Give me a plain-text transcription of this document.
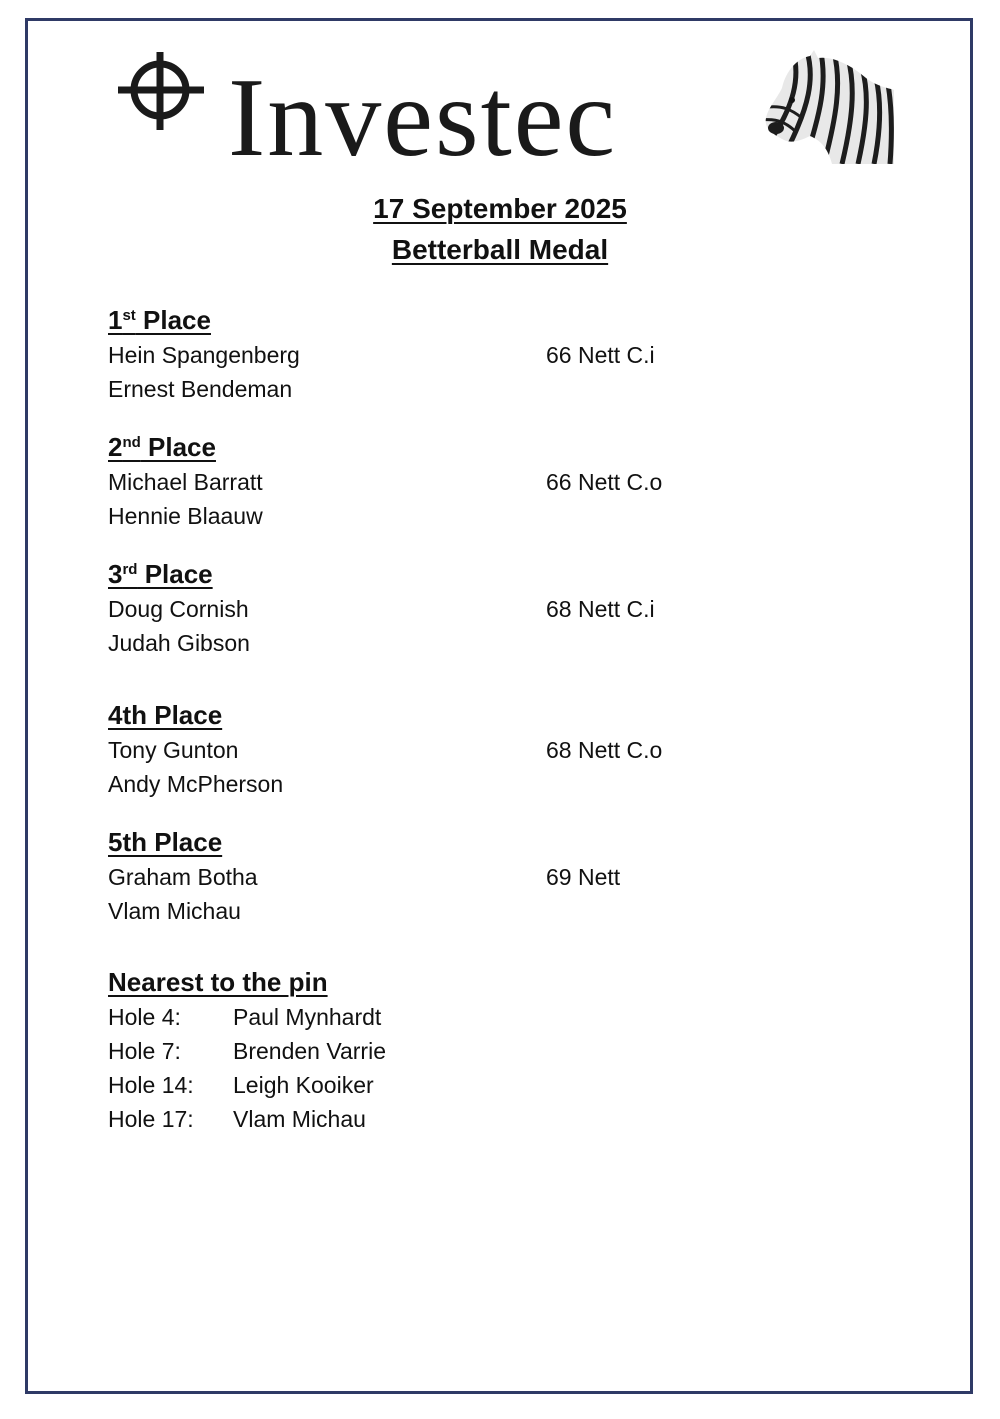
Investec
17 September 2025
Betterball Medal
1st Place
Hein Spangenberg	66 Nett C.i
Ernest Bendeman
2nd Place
Michael Barratt	66 Nett C.o
Hennie Blaauw
3rd Place
Doug Cornish	68 Nett C.i
Judah Gibson
4th Place
Tony Gunton	68 Nett C.o
Andy McPherson
5th Place
Graham Botha	69 Nett
Vlam Michau
Nearest to the pin
Hole 4: Paul Mynhardt
Hole 7: Brenden Varrie
Hole 14: Leigh Kooiker
Hole 17: Vlam Michau
